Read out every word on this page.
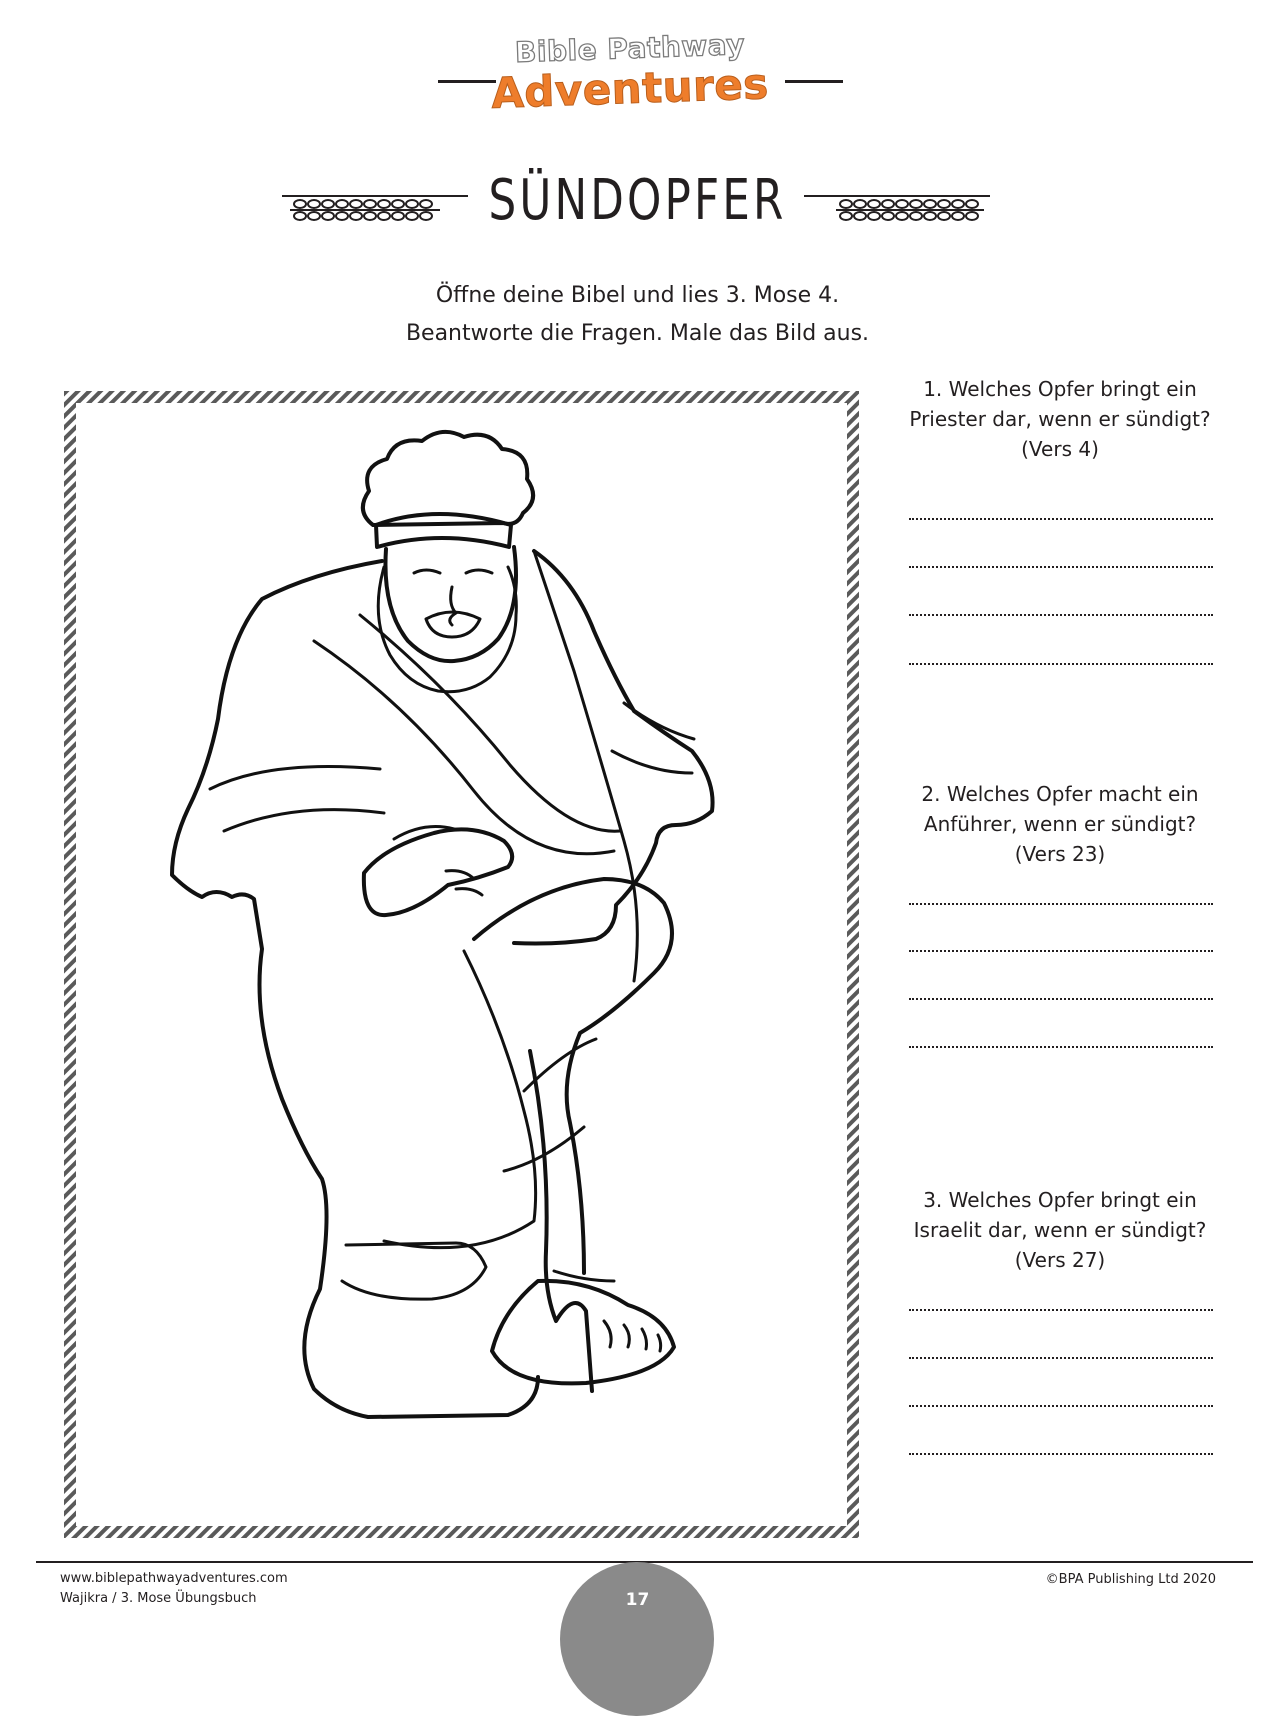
Bible Pathway
Adventures
SÜNDOPFER
Öffne deine Bibel und lies 3. Mose 4.
Beantworte die Fragen. Male das Bild aus.
1. Welches Opfer bringt ein
Priester dar, wenn er sündigt?
(Vers 4)
2. Welches Opfer macht ein
Anführer, wenn er sündigt?
(Vers 23)
3. Welches Opfer bringt ein
Israelit dar, wenn er sündigt?
(Vers 27)
www.biblepathwayadventures.com
Wajikra / 3. Mose Übungsbuch
©BPA Publishing Ltd 2020
17
